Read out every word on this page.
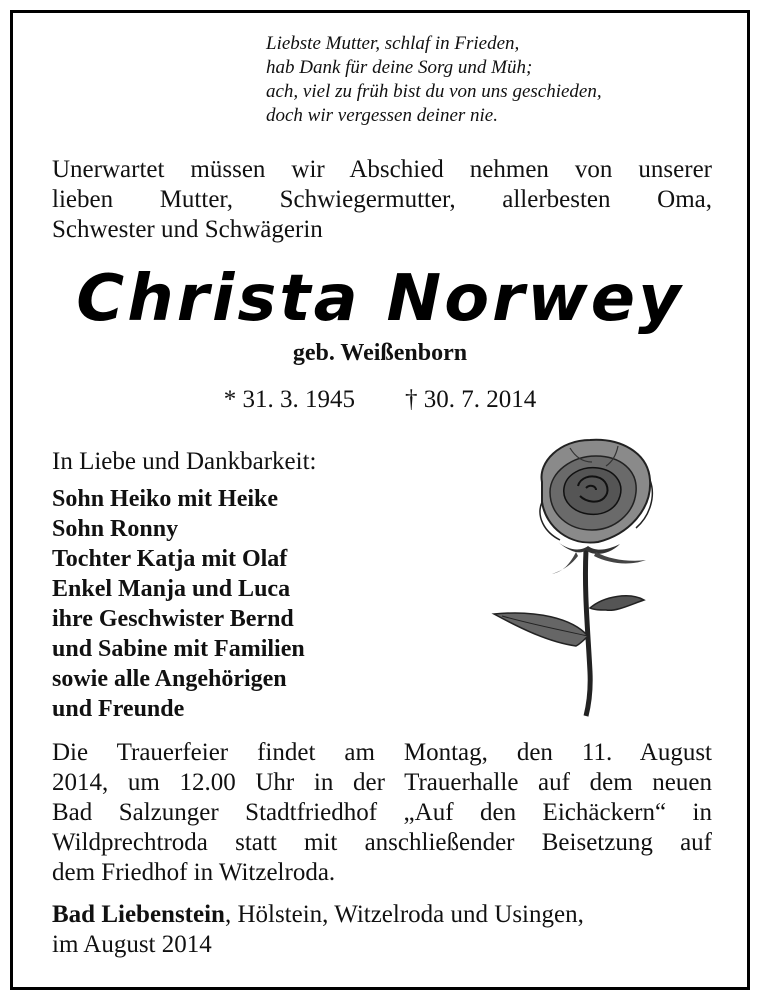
Liebste Mutter, schlaf in Frieden,
hab Dank für deine Sorg und Müh;
ach, viel zu früh bist du von uns geschieden,
doch wir vergessen deiner nie.
Unerwartet müssen wir Abschied nehmen von unserer
lieben Mutter, Schwiegermutter, allerbesten Oma,
Schwester und Schwägerin
Christa Norwey
geb. Weißenborn
* 31. 3. 1945 † 30. 7. 2014
In Liebe und Dankbarkeit:
Sohn Heiko mit Heike
Sohn Ronny
Tochter Katja mit Olaf
Enkel Manja und Luca
ihre Geschwister Bernd
und Sabine mit Familien
sowie alle Angehörigen
und Freunde
Die Trauerfeier findet am Montag, den 11. August
2014, um 12.00 Uhr in der Trauerhalle auf dem neuen
Bad Salzunger Stadtfriedhof „Auf den Eichäckern“ in
Wildprechtroda statt mit anschließender Beisetzung auf
dem Friedhof in Witzelroda.
Bad Liebenstein, Hölstein, Witzelroda und Usingen,
im August 2014
